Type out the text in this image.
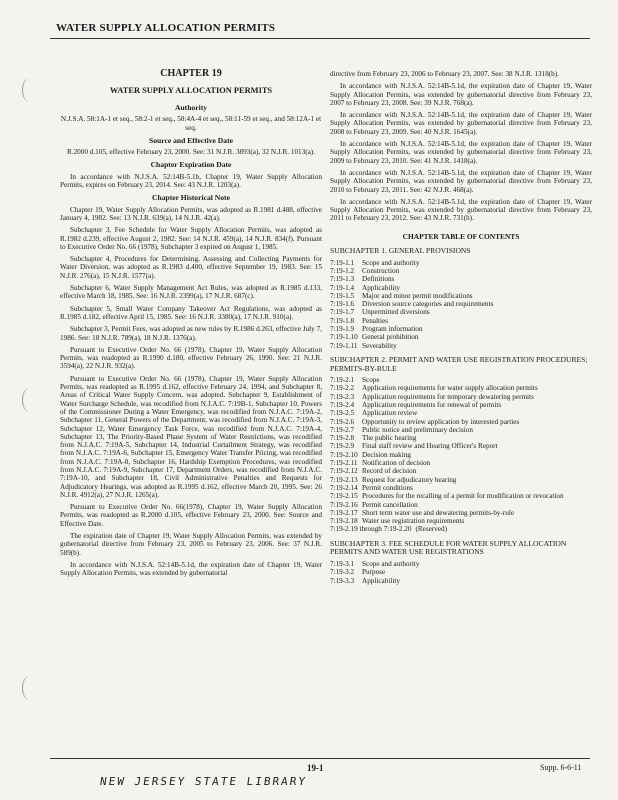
WATER SUPPLY ALLOCATION PERMITS
CHAPTER 19
WATER SUPPLY ALLOCATION PERMITS
Authority
N.J.S.A. 58:1A-1 et seq., 58:2-1 et seq., 58:4A-4 et seq., 58:11-59 et seq., and 58:12A-1 et seq.
Source and Effective Date
R.2000 d.105, effective February 23, 2000. See: 31 N.J.R. 3893(a), 32 N.J.R. 1013(a).
Chapter Expiration Date

In accordance with N.J.S.A. 52:14B-5.1b, Chapter 19, Water Supply Allocation Permits, expires on February 23, 2014. See: 43 N.J.R. 1203(a).

Chapter Historical Note

Chapter 19, Water Supply Allocation Permits, was adopted as R.1981 d.488, effective January 4, 1982. See: 13 N.J.R. 639(a), 14 N.J.R. 42(a).

Subchapter 3, Fee Schedule for Water Supply Allocation Permits, was adopted as R.1982 d.239, effective August 2, 1982. See: 14 N.J.R. 459(a), 14 N.J.R. 834(f). Pursuant to Executive Order No. 66 (1978), Subchapter 3 expired on August 1, 1985.

Subchapter 4, Procedures for Determining, Assessing and Collecting Payments for Water Diversion, was adopted as R.1983 d.400, effective September 19, 1983. See: 15 N.J.R. 276(a), 15 N.J.R. 1577(a).

Subchapter 6, Water Supply Management Act Rules, was adopted as R.1985 d.133, effective March 18, 1985. See: 16 N.J.R. 2399(a), 17 N.J.R. 687(c).

Subchapter 5, Small Water Company Takeover Act Regulations, was adopted as R.1985 d.182, effective April 15, 1985. See: 16 N.J.R. 3380(a), 17 N.J.R. 910(a).

Subchapter 3, Permit Fees, was adopted as new rules by R.1986 d.263, effective July 7, 1986. See: 18 N.J.R. 789(a), 18 N.J.R. 1376(a).

Pursuant to Executive Order No. 66 (1978), Chapter 19, Water Supply Allocation Permits, was readopted as R.1990 d.180, effective February 26, 1990. See: 21 N.J.R. 3594(a), 22 N.J.R. 932(a).

Pursuant to Executive Order No. 66 (1978), Chapter 19, Water Supply Allocation Permits, was readopted as R.1995 d.162, effective February 24, 1994, and Subchapter 8, Areas of Critical Water Supply Concern, was adopted. Subchapter 9, Establishment of Water Surcharge Schedule, was recodified from N.J.A.C. 7:19B-1, Subchapter 10, Powers of the Commissioner During a Water Emergency, was recodified from N.J.A.C. 7:19A-2, Subchapter 11, General Powers of the Department, was recodified from N.J.A.C. 7:19A-3, Subchapter 12, Water Emergency Task Force, was recodified from N.J.A.C. 7:19A-4, Subchapter 13, The Priority-Based Phase System of Water Restrictions, was recodified from N.J.A.C. 7:19A-5, Subchapter 14, Industrial Curtailment Strategy, was recodified from N.J.A.C. 7:19A-6, Subchapter 15, Emergency Water Transfer Pricing, was recodified from N.J.A.C. 7:19A-8, Subchapter 16, Hardship Exemption Procedures, was recodified from N.J.A.C. 7:19A-9, Subchapter 17, Department Orders, was recodified from N.J.A.C. 7:19A-10, and Subchapter 18, Civil Administrative Penalties and Requests for Adjudicatory Hearings, was adopted as R.1995 d.162, effective March 20, 1995. See: 26 N.J.R. 4912(a), 27 N.J.R. 1265(a).

Pursuant to Executive Order No. 66(1978), Chapter 19, Water Supply Allocation Permits, was readopted as R.2000 d.105, effective February 23, 2000. See: Source and Effective Date.

The expiration date of Chapter 19, Water Supply Allocation Permits, was extended by gubernatorial directive from February 23, 2005 to February 23, 2006. See: 37 N.J.R. 589(b).

In accordance with N.J.S.A. 52:14B-5.1d, the expiration date of Chapter 19, Water Supply Allocation Permits, was extended by gubernatorial

directive from February 23, 2006 to February 23, 2007. See: 38 N.J.R. 1318(b).

In accordance with N.J.S.A. 52:14B-5.1d, the expiration date of Chapter 19, Water Supply Allocation Permits, was extended by gubernatorial directive from February 23, 2007 to February 23, 2008. See: 39 N.J.R. 768(a).

In accordance with N.J.S.A. 52:14B-5.1d, the expiration date of Chapter 19, Water Supply Allocation Permits, was extended by gubernatorial directive from February 23, 2008 to February 23, 2009. See: 40 N.J.R. 1645(a).

In accordance with N.J.S.A. 52:14B-5.1d, the expiration date of Chapter 19, Water Supply Allocation Permits, was extended by gubernatorial directive from February 23, 2009 to February 23, 2010. See: 41 N.J.R. 1418(a).

In accordance with N.J.S.A. 52:14B-5.1d, the expiration date of Chapter 19, Water Supply Allocation Permits, was extended by gubernatorial directive from February 23, 2010 to February 23, 2011. See: 42 N.J.R. 468(a).

In accordance with N.J.S.A. 52:14B-5.1d, the expiration date of Chapter 19, Water Supply Allocation Permits, was extended by gubernatorial directive from February 23, 2011 to February 23, 2012. See: 43 N.J.R. 731(b).

CHAPTER TABLE OF CONTENTS
SUBCHAPTER 1. GENERAL PROVISIONS
7:19-1.1	Scope and authority
7:19-1.2	Construction
7:19-1.3	Definitions
7:19-1.4	Applicability
7:19-1.5	Major and minor permit modifications
7:19-1.6	Diversion source categories and requirements
7:19-1.7	Unpermitted diversions
7:19-1.8	Penalties
7:19-1.9	Program information
7:19-1.10 General prohibition
7:19-1.11 Severability
SUBCHAPTER 2. PERMIT AND WATER USE REGISTRATION PROCEDURES; PERMITS-BY-RULE
7:19-2.1	Scope
7:19-2.2	Application requirements for water supply allocation permits
7:19-2.3	Application requirements for temporary dewatering permits
7:19-2.4	Application requirements for renewal of permits
7:19-2.5	Application review
7:19-2.6	Opportunity to review application by interested parties
7:19-2.7	Public notice and preliminary decision
7:19-2.8	The public hearing
7:19-2.9	Final staff review and Hearing Officer's Report
7:19-2.10 Decision making
7:19-2.11 Notification of decision
7:19-2.12 Record of decision
7:19-2.13 Request for adjudicatory hearing
7:19-2.14 Permit conditions
7:19-2.15 Procedures for the recalling of a permit for modification or revocation
7:19-2.16 Permit cancellation
7:19-2.17 Short term water use and dewatering permits-by-rule
7:19-2.18 Water use registration requirements
7:19-2.19 through 7:19-2.20 (Reserved)
SUBCHAPTER 3. FEE SCHEDULE FOR WATER SUPPLY ALLOCATION PERMITS AND WATER USE REGISTRATIONS
7:19-3.1	Scope and authority
7:19-3.2	Purpose
7:19-3.3	Applicability
19-1	Supp. 6-6-11
NEW JERSEY STATE LIBRARY
